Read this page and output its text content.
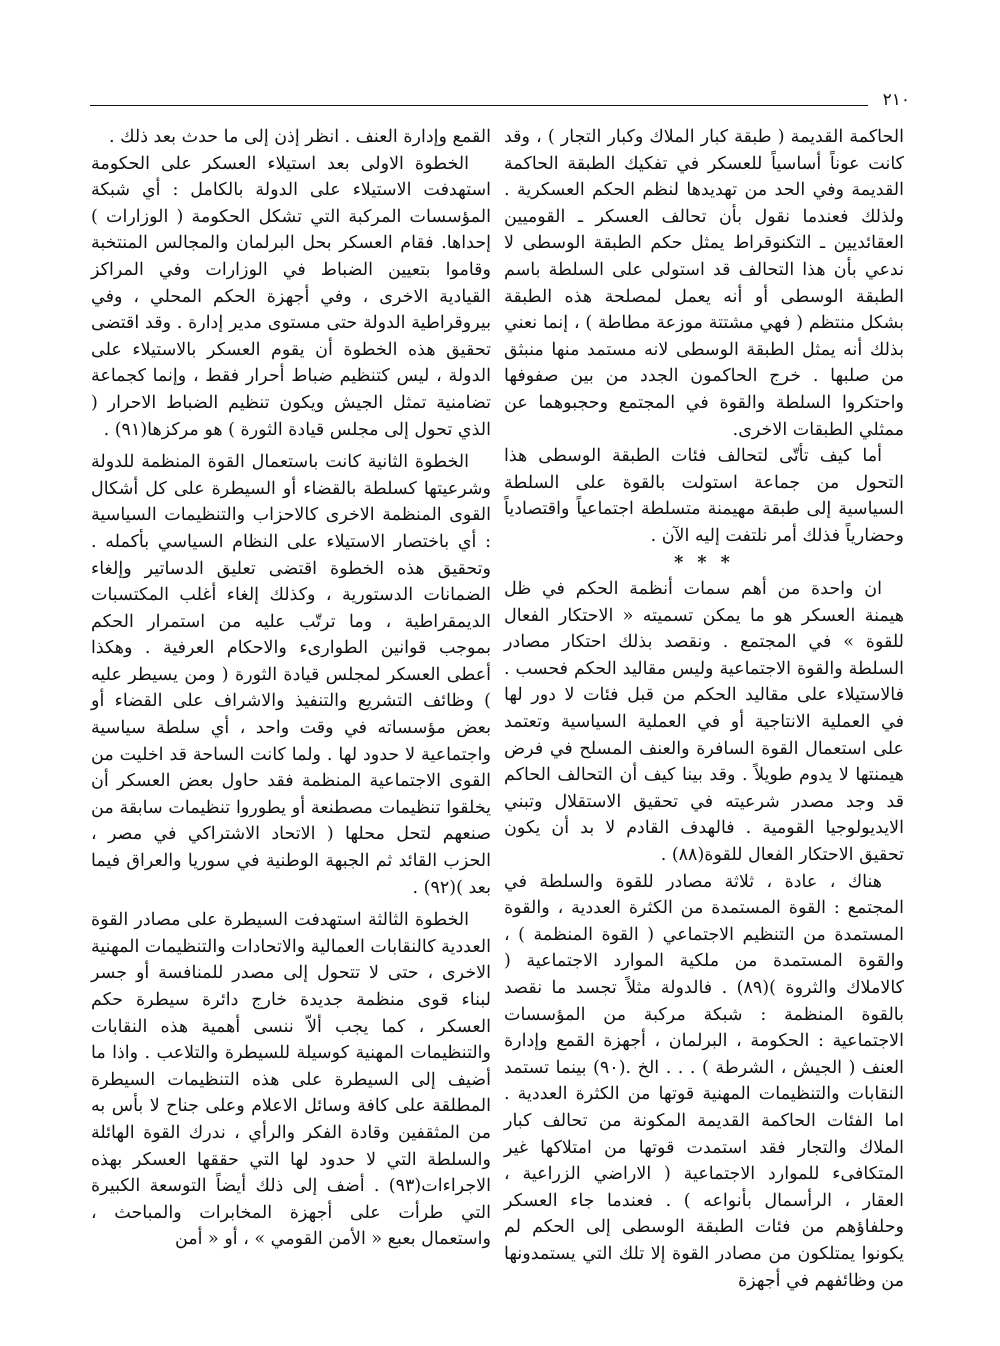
٢١٠

الحاكمة القديمة ( طبقة كبار الملاك وكبار التجار ) ، وقد كانت عوناً أساسياً للعسكر في تفكيك الطبقة الحاكمة القديمة وفي الحد من تهديدها لنظم الحكم العسكرية . ولذلك فعندما نقول بأن تحالف العسكر ـ القوميين العقائديين ـ التكنوقراط يمثل حكم الطبقة الوسطى لا ندعي بأن هذا التحالف قد استولى على السلطة باسم الطبقة الوسطى أو أنه يعمل لمصلحة هذه الطبقة بشكل منتظم ( فهي مشتتة موزعة مطاطة ) ، إنما نعني بذلك أنه يمثل الطبقة الوسطى لانه مستمد منها منبثق من صلبها . خرج الحاكمون الجدد من بين صفوفها واحتكروا السلطة والقوة في المجتمع وحجبوهما عن ممثلي الطبقات الاخرى.

أما كيف تأتّى لتحالف فئات الطبقة الوسطى هذا التحول من جماعة استولت بالقوة على السلطة السياسية إلى طبقة مهيمنة متسلطة اجتماعياً واقتصادياً وحضارياً فذلك أمر نلتفت إليه الآن .

* * *

ان واحدة من أهم سمات أنظمة الحكم في ظل هيمنة العسكر هو ما يمكن تسميته « الاحتكار الفعال للقوة » في المجتمع . ونقصد بذلك احتكار مصادر السلطة والقوة الاجتماعية وليس مقاليد الحكم فحسب . فالاستيلاء على مقاليد الحكم من قبل فئات لا دور لها في العملية الانتاجية أو في العملية السياسية وتعتمد على استعمال القوة السافرة والعنف المسلح في فرض هيمنتها لا يدوم طويلاً . وقد بينا كيف أن التحالف الحاكم قد وجد مصدر شرعيته في تحقيق الاستقلال وتبني الايديولوجيا القومية . فالهدف القادم لا بد أن يكون تحقيق الاحتكار الفعال للقوة(٨٨) .

هناك ، عادة ، ثلاثة مصادر للقوة والسلطة في المجتمع : القوة المستمدة من الكثرة العددية ، والقوة المستمدة من التنظيم الاجتماعي ( القوة المنظمة ) ، والقوة المستمدة من ملكية الموارد الاجتماعية ( كالاملاك والثروة )(٨٩) . فالدولة مثلاً تجسد ما نقصد بالقوة المنظمة : شبكة مركبة من المؤسسات الاجتماعية : الحكومة ، البرلمان ، أجهزة القمع وإدارة العنف ( الجيش ، الشرطة ) . . . الخ .(٩٠) بينما تستمد النقابات والتنظيمات المهنية قوتها من الكثرة العددية . اما الفئات الحاكمة القديمة المكونة من تحالف كبار الملاك والتجار فقد استمدت قوتها من امتلاكها غير المتكافىء للموارد الاجتماعية ( الاراضي الزراعية ، العقار ، الرأسمال بأنواعه ) . فعندما جاء العسكر وحلفاؤهم من فئات الطبقة الوسطى إلى الحكم لم يكونوا يمتلكون من مصادر القوة إلا تلك التي يستمدونها من وظائفهم في أجهزة

القمع وإدارة العنف . انظر إذن إلى ما حدث بعد ذلك .

الخطوة الاولى بعد استيلاء العسكر على الحكومة استهدفت الاستيلاء على الدولة بالكامل : أي شبكة المؤسسات المركبة التي تشكل الحكومة ( الوزارات ) إحداها. فقام العسكر بحل البرلمان والمجالس المنتخبة وقاموا بتعيين الضباط في الوزارات وفي المراكز القيادية الاخرى ، وفي أجهزة الحكم المحلي ، وفي بيروقراطية الدولة حتى مستوى مدير إدارة . وقد اقتضى تحقيق هذه الخطوة أن يقوم العسكر بالاستيلاء على الدولة ، ليس كتنظيم ضباط أحرار فقط ، وإنما كجماعة تضامنية تمثل الجيش ويكون تنظيم الضباط الاحرار ( الذي تحول إلى مجلس قيادة الثورة ) هو مركزها(٩١) .

الخطوة الثانية كانت باستعمال القوة المنظمة للدولة وشرعيتها كسلطة بالقضاء أو السيطرة على كل أشكال القوى المنظمة الاخرى كالاحزاب والتنظيمات السياسية : أي باختصار الاستيلاء على النظام السياسي بأكمله . وتحقيق هذه الخطوة اقتضى تعليق الدساتير وإلغاء الضمانات الدستورية ، وكذلك إلغاء أغلب المكتسبات الديمقراطية ، وما ترتّب عليه من استمرار الحكم بموجب قوانين الطوارىء والاحكام العرفية . وهكذا أعطى العسكر لمجلس قيادة الثورة ( ومن يسيطر عليه ) وظائف التشريع والتنفيذ والاشراف على القضاء أو بعض مؤسساته في وقت واحد ، أي سلطة سياسية واجتماعية لا حدود لها . ولما كانت الساحة قد اخليت من القوى الاجتماعية المنظمة فقد حاول بعض العسكر أن يخلقوا تنظيمات مصطنعة أو يطوروا تنظيمات سابقة من صنعهم لتحل محلها ( الاتحاد الاشتراكي في مصر ، الحزب القائد ثم الجبهة الوطنية في سوريا والعراق فيما بعد )(٩٢) .

الخطوة الثالثة استهدفت السيطرة على مصادر القوة العددية كالنقابات العمالية والاتحادات والتنظيمات المهنية الاخرى ، حتى لا تتحول إلى مصدر للمنافسة أو جسر لبناء قوى منظمة جديدة خارج دائرة سيطرة حكم العسكر ، كما يجب ألاّ ننسى أهمية هذه النقابات والتنظيمات المهنية كوسيلة للسيطرة والتلاعب . واذا ما أضيف إلى السيطرة على هذه التنظيمات السيطرة المطلقة على كافة وسائل الاعلام وعلى جناح لا بأس به من المثقفين وقادة الفكر والرأي ، ندرك القوة الهائلة والسلطة التي لا حدود لها التي حققها العسكر بهذه الاجراءات(٩٣) . أضف إلى ذلك أيضاً التوسعة الكبيرة التي طرأت على أجهزة المخابرات والمباحث ، واستعمال بعبع « الأمن القومي » ، أو « أمن
